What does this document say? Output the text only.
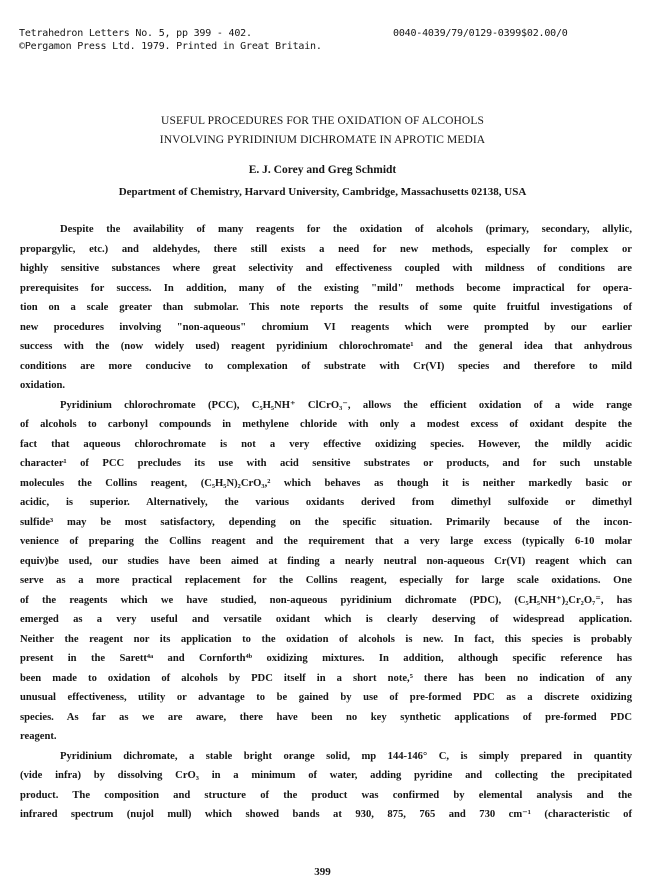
Tetrahedron Letters No. 5, pp 399 - 402.
©Pergamon Press Ltd. 1979. Printed in Great Britain.
0040-4039/79/0129-0399$02.00/0
USEFUL PROCEDURES FOR THE OXIDATION OF ALCOHOLS
INVOLVING PYRIDINIUM DICHROMATE IN APROTIC MEDIA
E. J. Corey and Greg Schmidt
Department of Chemistry, Harvard University, Cambridge, Massachusetts 02138, USA
Despite the availability of many reagents for the oxidation of alcohols (primary, secondary, allylic,
propargylic, etc.) and aldehydes, there still exists a need for new methods, especially for complex or
highly sensitive substances where great selectivity and effectiveness coupled with mildness of conditions are
prerequisites for success. In addition, many of the existing "mild" methods become impractical for opera-
tion on a scale greater than submolar. This note reports the results of some quite fruitful investigations of
new procedures involving "non-aqueous" chromium VI reagents which were prompted by our earlier
success with the (now widely used) reagent pyridinium chlorochromate¹ and the general idea that anhydrous
conditions are more conducive to complexation of substrate with Cr(VI) species and therefore to mild
oxidation.
Pyridinium chlorochromate (PCC), C₅H₅NH⁺ ClCrO₃⁻, allows the efficient oxidation of a wide range
of alcohols to carbonyl compounds in methylene chloride with only a modest excess of oxidant despite the
fact that aqueous chlorochromate is not a very effective oxidizing species. However, the mildly acidic
character¹ of PCC precludes its use with acid sensitive substrates or products, and for such unstable
molecules the Collins reagent, (C₅H₅N)₂CrO₃,² which behaves as though it is neither markedly basic or
acidic, is superior. Alternatively, the various oxidants derived from dimethyl sulfoxide or dimethyl
sulfide³ may be most satisfactory, depending on the specific situation. Primarily because of the incon-
venience of preparing the Collins reagent and the requirement that a very large excess (typically 6-10 molar
equiv)be used, our studies have been aimed at finding a nearly neutral non-aqueous Cr(VI) reagent which can
serve as a more practical replacement for the Collins reagent, especially for large scale oxidations. One
of the reagents which we have studied, non-aqueous pyridinium dichromate (PDC), (C₅H₅NH⁺)₂Cr₂O₇⁼, has
emerged as a very useful and versatile oxidant which is clearly deserving of widespread application.
Neither the reagent nor its application to the oxidation of alcohols is new. In fact, this species is probably
present in the Sarett⁴ᵃ and Cornforth⁴ᵇ oxidizing mixtures. In addition, although specific reference has
been made to oxidation of alcohols by PDC itself in a short note,⁵ there has been no indication of any
unusual effectiveness, utility or advantage to be gained by use of pre-formed PDC as a discrete oxidizing
species. As far as we are aware, there have been no key synthetic applications of pre-formed PDC
reagent.
Pyridinium dichromate, a stable bright orange solid, mp 144-146° C, is simply prepared in quantity
(vide infra) by dissolving CrO₃ in a minimum of water, adding pyridine and collecting the precipitated
product. The composition and structure of the product was confirmed by elemental analysis and the
infrared spectrum (nujol mull) which showed bands at 930, 875, 765 and 730 cm⁻¹ (characteristic of
399
